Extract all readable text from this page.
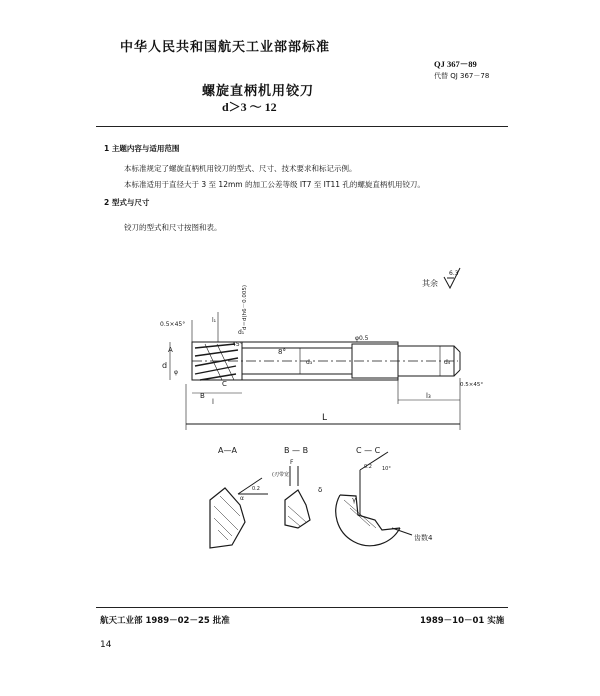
中华人民共和国航天工业部部标准
QJ 367－89
代替 QJ 367－78
螺旋直柄机用铰刀
d＞3 ～ 12
1 主题内容与适用范围
本标准规定了螺旋直柄机用铰刀的型式、尺寸、技术要求和标记示例。
本标准适用于直径大于 3 至 12mm 的加工公差等级 IT7 至 IT11 孔的螺旋直柄机用铰刀。
2 型式与尺寸
铰刀的型式和尺寸按图和表。
其余
6.3
0.5×45°
l₁
d₁
d＝d(h6－0.005)
8°
45°
φ0.5
d	d₃	d₄
φ
A
B
C
l
L
l₃
0.5×45°
A—A	B — B	C — C
F
(刃带宽)
0.2
0.2 10°
γ
δ
α
齿数4
航天工业部 1989－02－25 批准	1989－10－01 实施
14
